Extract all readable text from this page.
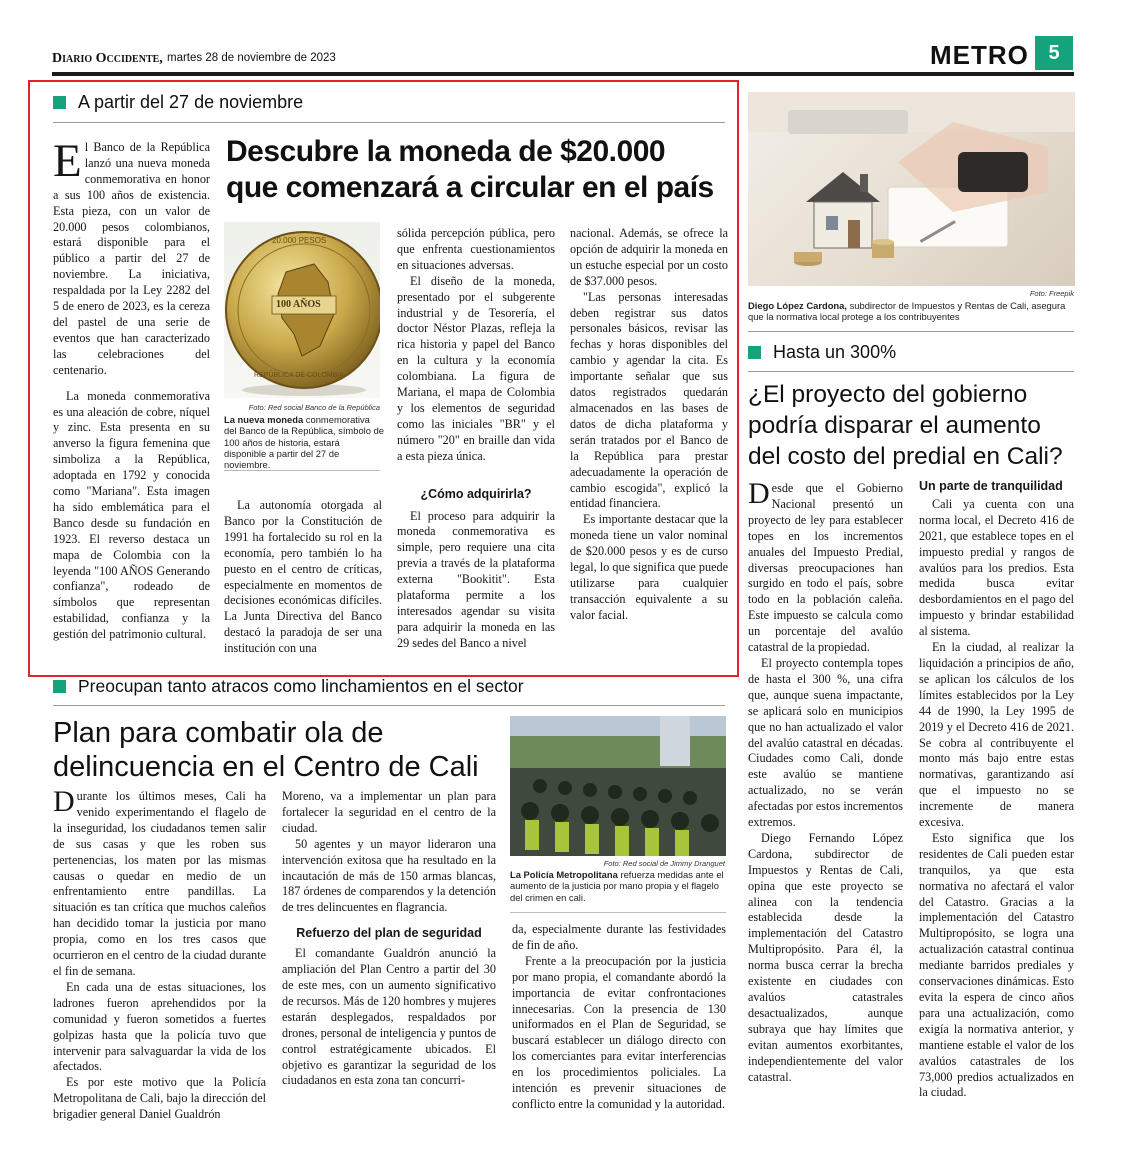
Diario Occidente, martes 28 de noviembre de 2023	METRO 5
A partir del 27 de noviembre
Descubre la moneda de $20.000
que comenzará a circular en el país

El Banco de la República lanzó una nueva moneda conmemorativa en honor a sus 100 años de existencia. Esta pieza, con un valor de 20.000 pesos colombianos, estará disponible para el público a partir del 27 de noviembre. La iniciativa, respaldada por la Ley 2282 del 5 de enero de 2023, es la cereza del pastel de una serie de eventos que han caracterizado las celebraciones del centenario.

La moneda conmemorativa es una aleación de cobre, níquel y zinc. Esta presenta en su anverso la figura femenina que simboliza a la República, adoptada en 1792 y conocida como "Mariana". Esta imagen ha sido emblemática para el Banco desde su fundación en 1923. El reverso destaca un mapa de Colombia con la leyenda "100 AÑOS Generando confianza", rodeado de símbolos que representan estabilidad, confianza y la gestión del patrimonio cultural.

20.000 PESOS
100 AÑOS
REPÚBLICA DE COLOMBIA
Foto: Red social Banco de la República
La nueva moneda conmemorativa del Banco de la República, símbolo de 100 años de historia, estará disponible a partir del 27 de noviembre.

La autonomía otorgada al Banco por la Constitución de 1991 ha fortalecido su rol en la economía, pero también lo ha puesto en el centro de críticas, especialmente en momentos de decisiones económicas difíciles. La Junta Directiva del Banco destacó la paradoja de ser una institución con una

sólida percepción pública, pero que enfrenta cuestionamientos en situaciones adversas.

El diseño de la moneda, presentado por el subgerente industrial y de Tesorería, el doctor Néstor Plazas, refleja la rica historia y papel del Banco en la cultura y la economía colombiana. La figura de Mariana, el mapa de Colombia y los elementos de seguridad como las iniciales "BR" y el número "20" en braille dan vida a esta pieza única.

¿Cómo adquirirla?

El proceso para adquirir la moneda conmemorativa es simple, pero requiere una cita previa a través de la plataforma externa "Bookitit". Esta plataforma permite a los interesados agendar su visita para adquirir la moneda en las 29 sedes del Banco a nivel

nacional. Además, se ofrece la opción de adquirir la moneda en un estuche especial por un costo de $37.000 pesos.

"Las personas interesadas deben registrar sus datos personales básicos, revisar las fechas y horas disponibles del cambio y agendar la cita. Es importante señalar que sus datos registrados quedarán almacenados en las bases de datos de dicha plataforma y serán tratados por el Banco de la República para prestar adecuadamente la operación de cambio escogida", explicó la entidad financiera.

Es importante destacar que la moneda tiene un valor nominal de $20.000 pesos y es de curso legal, lo que significa que puede utilizarse para cualquier transacción equivalente a su valor facial.

Foto: Freepik
Diego López Cardona, subdirector de Impuestos y Rentas de Cali, asegura que la normativa local protege a los contribuyentes
Hasta un 300%
¿El proyecto del gobierno podría disparar el aumento del costo del predial en Cali?

Desde que el Gobierno Nacional presentó un proyecto de ley para establecer topes en los incrementos anuales del Impuesto Predial, diversas preocupaciones han surgido en todo el país, sobre todo en la población caleña. Este impuesto se calcula como un porcentaje del avalúo catastral de la propiedad.

El proyecto contempla topes de hasta el 300 %, una cifra que, aunque suena impactante, se aplicará solo en municipios que no han actualizado el valor del avalúo catastral en décadas. Ciudades como Cali, donde este avalúo se mantiene actualizado, no se verán afectadas por estos incrementos extremos.

Diego Fernando López Cardona, subdirector de Impuestos y Rentas de Cali, opina que este proyecto se alinea con la tendencia establecida desde la implementación del Catastro Multipropósito. Para él, la norma busca cerrar la brecha existente en ciudades con avalúos catastrales desactualizados, aunque subraya que hay límites que evitan aumentos exorbitantes, independientemente del valor catastral.

Un parte de tranquilidad

Cali ya cuenta con una norma local, el Decreto 416 de 2021, que establece topes en el impuesto predial y rangos de avalúos para los predios. Esta medida busca evitar desbordamientos en el pago del impuesto y brindar estabilidad al sistema.

En la ciudad, al realizar la liquidación a principios de año, se aplican los cálculos de los límites establecidos por la Ley 44 de 1990, la Ley 1995 de 2019 y el Decreto 416 de 2021. Se cobra al contribuyente el monto más bajo entre estas normativas, garantizando así que el impuesto no se incremente de manera excesiva.

Esto significa que los residentes de Cali pueden estar tranquilos, ya que esta normativa no afectará el valor del Catastro. Gracias a la implementación del Catastro Multipropósito, se logra una actualización catastral continua mediante barridos prediales y conservaciones dinámicas. Esto evita la espera de cinco años para una actualización, como exigía la normativa anterior, y mantiene estable el valor de los avalúos catastrales de los 73,000 predios actualizados en la ciudad.

Preocupan tanto atracos como linchamientos en el sector
Plan para combatir ola de
delincuencia en el Centro de Cali

Durante los últimos meses, Cali ha venido experimentando el flagelo de la inseguridad, los ciudadanos temen salir de sus casas y que les roben sus pertenencias, los maten por las mismas causas o quedar en medio de un enfrentamiento entre pandillas. La situación es tan crítica que muchos caleños han decidido tomar la justicia por mano propia, como en los tres casos que ocurrieron en el centro de la ciudad durante el fin de semana.

En cada una de estas situaciones, los ladrones fueron aprehendidos por la comunidad y fueron sometidos a fuertes golpizas hasta que la policía tuvo que intervenir para salvaguardar la vida de los afectados.

Es por este motivo que la Policía Metropolitana de Cali, bajo la dirección del brigadier general Daniel Gualdrón

Moreno, va a implementar un plan para fortalecer la seguridad en el centro de la ciudad.

50 agentes y un mayor lideraron una intervención exitosa que ha resultado en la incautación de más de 150 armas blancas, 187 órdenes de comparendos y la detención de tres delincuentes en flagrancia.

Refuerzo del plan de seguridad

El comandante Gualdrón anunció la ampliación del Plan Centro a partir del 30 de este mes, con un aumento significativo de recursos. Más de 120 hombres y mujeres estarán desplegados, respaldados por drones, personal de inteligencia y puntos de control estratégicamente ubicados. El objetivo es garantizar la seguridad de los ciudadanos en esta zona tan concurri-

Foto: Red social de Jimmy Dranguet
La Policía Metropolitana refuerza medidas ante el aumento de la justicia por mano propia y el flagelo del crimen en cali.

da, especialmente durante las festividades de fin de año.

Frente a la preocupación por la justicia por mano propia, el comandante abordó la importancia de evitar confrontaciones innecesarias. Con la presencia de 130 uniformados en el Plan de Seguridad, se buscará establecer un diálogo directo con los comerciantes para evitar interferencias en los procedimientos policiales. La intención es prevenir situaciones de conflicto entre la comunidad y la autoridad.
